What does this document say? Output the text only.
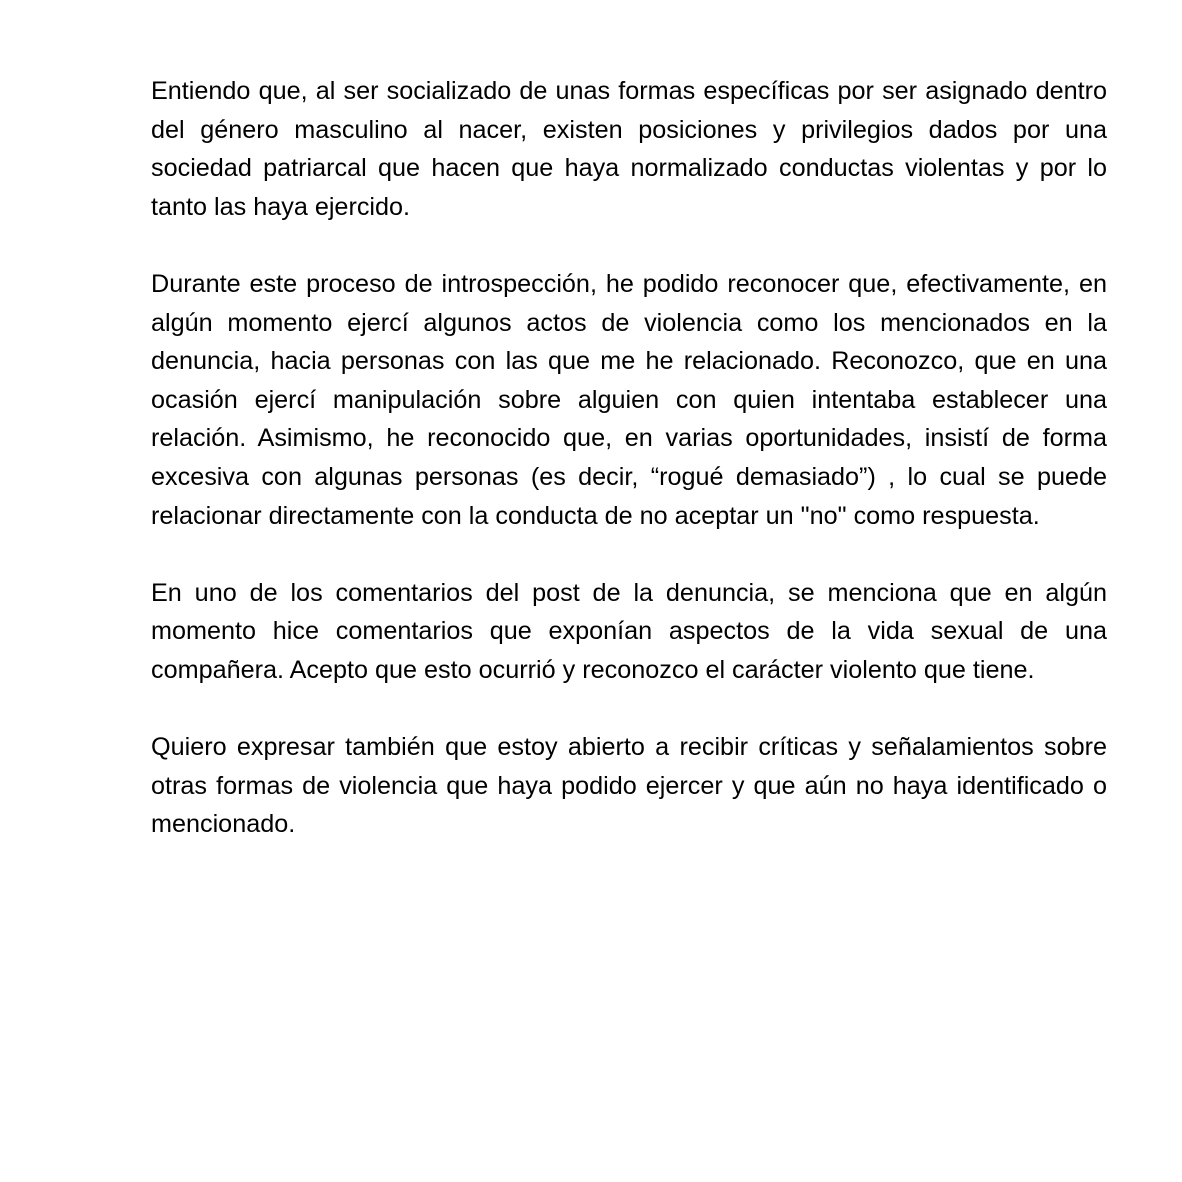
Entiendo que, al ser socializado de unas formas específicas por ser asignado dentro del género masculino al nacer, existen posiciones y privilegios dados por una sociedad patriarcal que hacen que haya normalizado conductas violentas y por lo tanto las haya ejercido.

Durante este proceso de introspección, he podido reconocer que, efectivamente, en algún momento ejercí algunos actos de violencia como los mencionados en la denuncia, hacia personas con las que me he relacionado. Reconozco, que en una ocasión ejercí manipulación sobre alguien con quien intentaba establecer una relación. Asimismo, he reconocido que, en varias oportunidades, insistí de forma excesiva con algunas personas (es decir, “rogué demasiado”) , lo cual se puede relacionar directamente con la conducta de no aceptar un "no" como respuesta.

En uno de los comentarios del post de la denuncia, se menciona que en algún momento hice comentarios que exponían aspectos de la vida sexual de una compañera. Acepto que esto ocurrió y reconozco el carácter violento que tiene.

Quiero expresar también que estoy abierto a recibir críticas y señalamientos sobre otras formas de violencia que haya podido ejercer y que aún no haya identificado o mencionado.
